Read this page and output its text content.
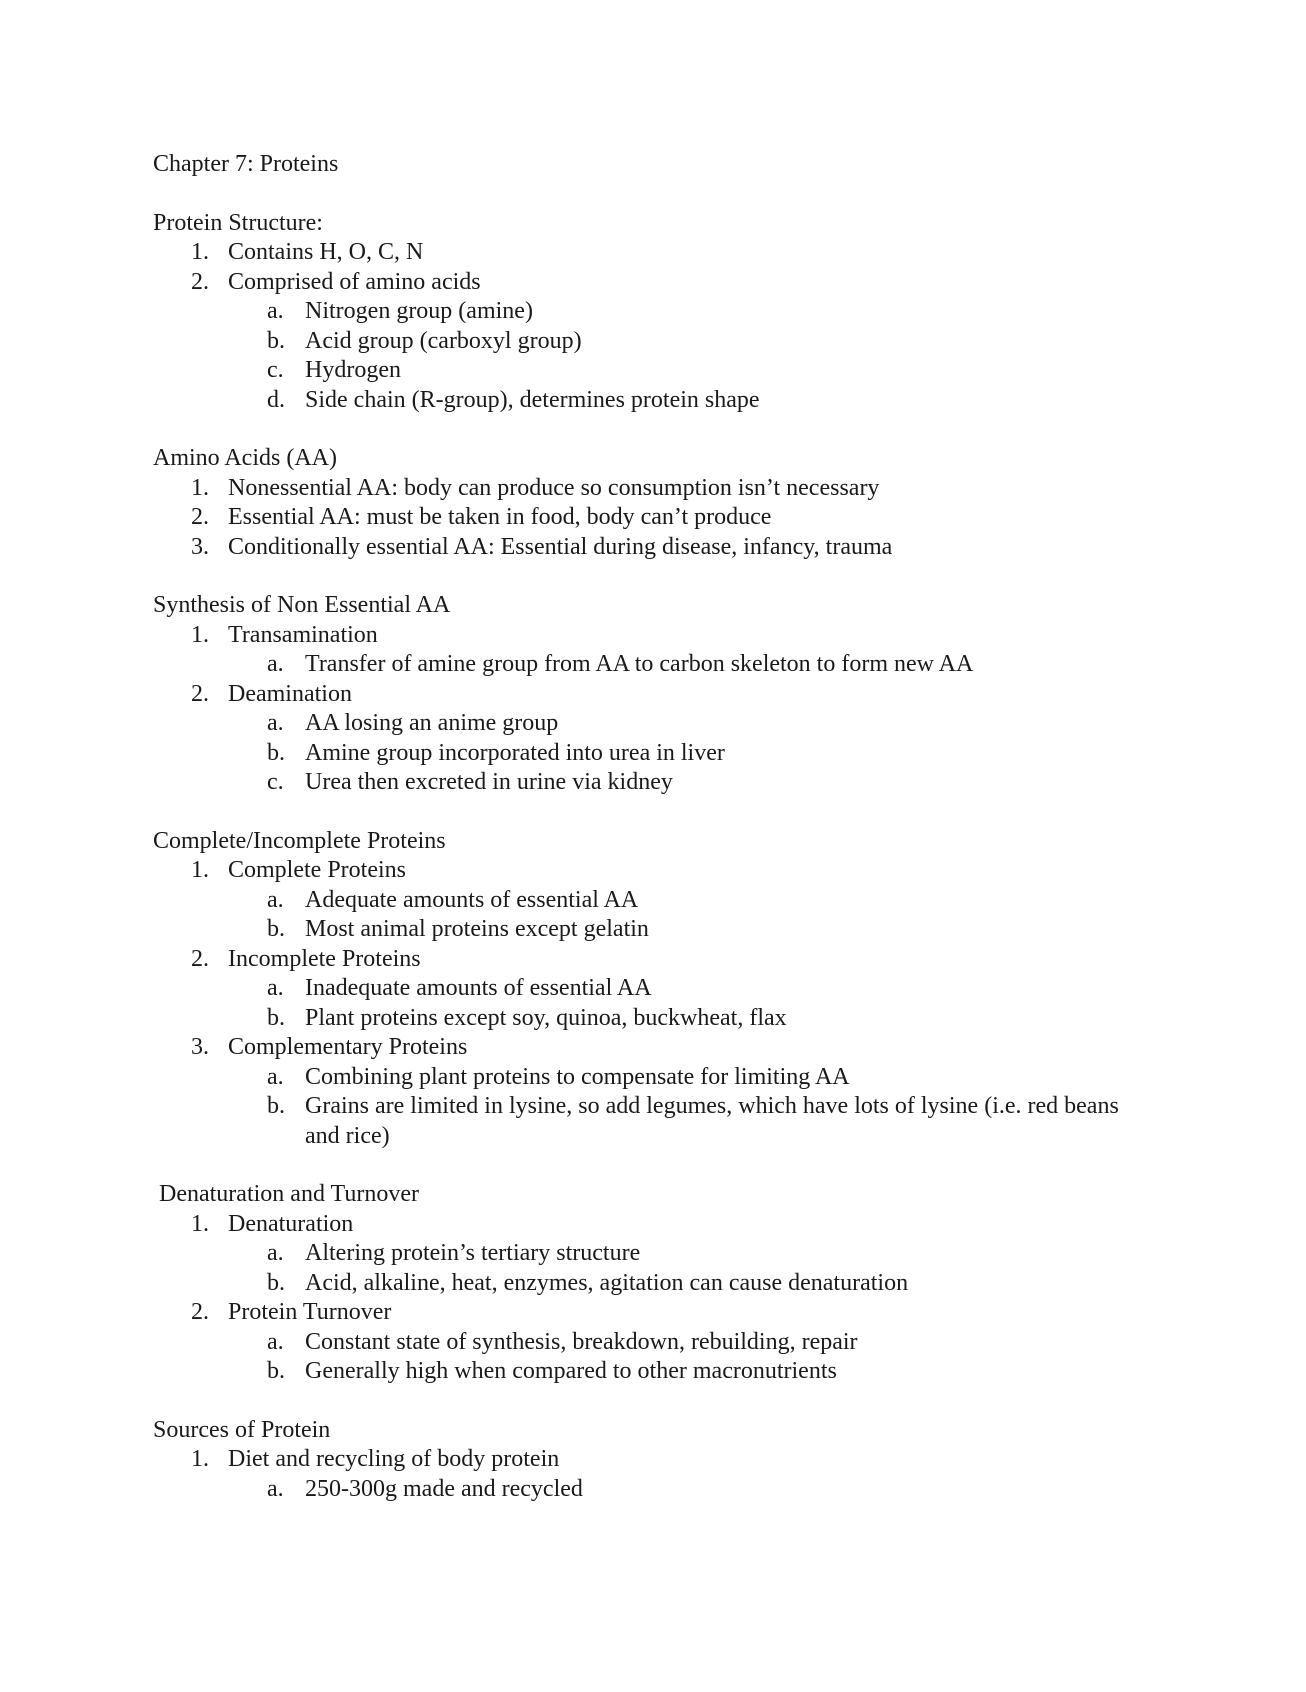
Chapter 7: Proteins
Protein Structure:
1. Contains H, O, C, N
2. Comprised of amino acids
a. Nitrogen group (amine)
b. Acid group (carboxyl group)
c. Hydrogen
d. Side chain (R-group), determines protein shape
Amino Acids (AA)
1. Nonessential AA: body can produce so consumption isn’t necessary
2. Essential AA: must be taken in food, body can’t produce
3. Conditionally essential AA: Essential during disease, infancy, trauma
Synthesis of Non Essential AA
1. Transamination
a. Transfer of amine group from AA to carbon skeleton to form new AA
2. Deamination
a. AA losing an anime group
b. Amine group incorporated into urea in liver
c. Urea then excreted in urine via kidney
Complete/Incomplete Proteins
1. Complete Proteins
a. Adequate amounts of essential AA
b. Most animal proteins except gelatin
2. Incomplete Proteins
a. Inadequate amounts of essential AA
b. Plant proteins except soy, quinoa, buckwheat, flax
3. Complementary Proteins
a. Combining plant proteins to compensate for limiting AA
b. Grains are limited in lysine, so add legumes, which have lots of lysine (i.e. red beans and rice)
Denaturation and Turnover
1. Denaturation
a. Altering protein’s tertiary structure
b. Acid, alkaline, heat, enzymes, agitation can cause denaturation
2. Protein Turnover
a. Constant state of synthesis, breakdown, rebuilding, repair
b. Generally high when compared to other macronutrients
Sources of Protein
1. Diet and recycling of body protein
a. 250-300g made and recycled
